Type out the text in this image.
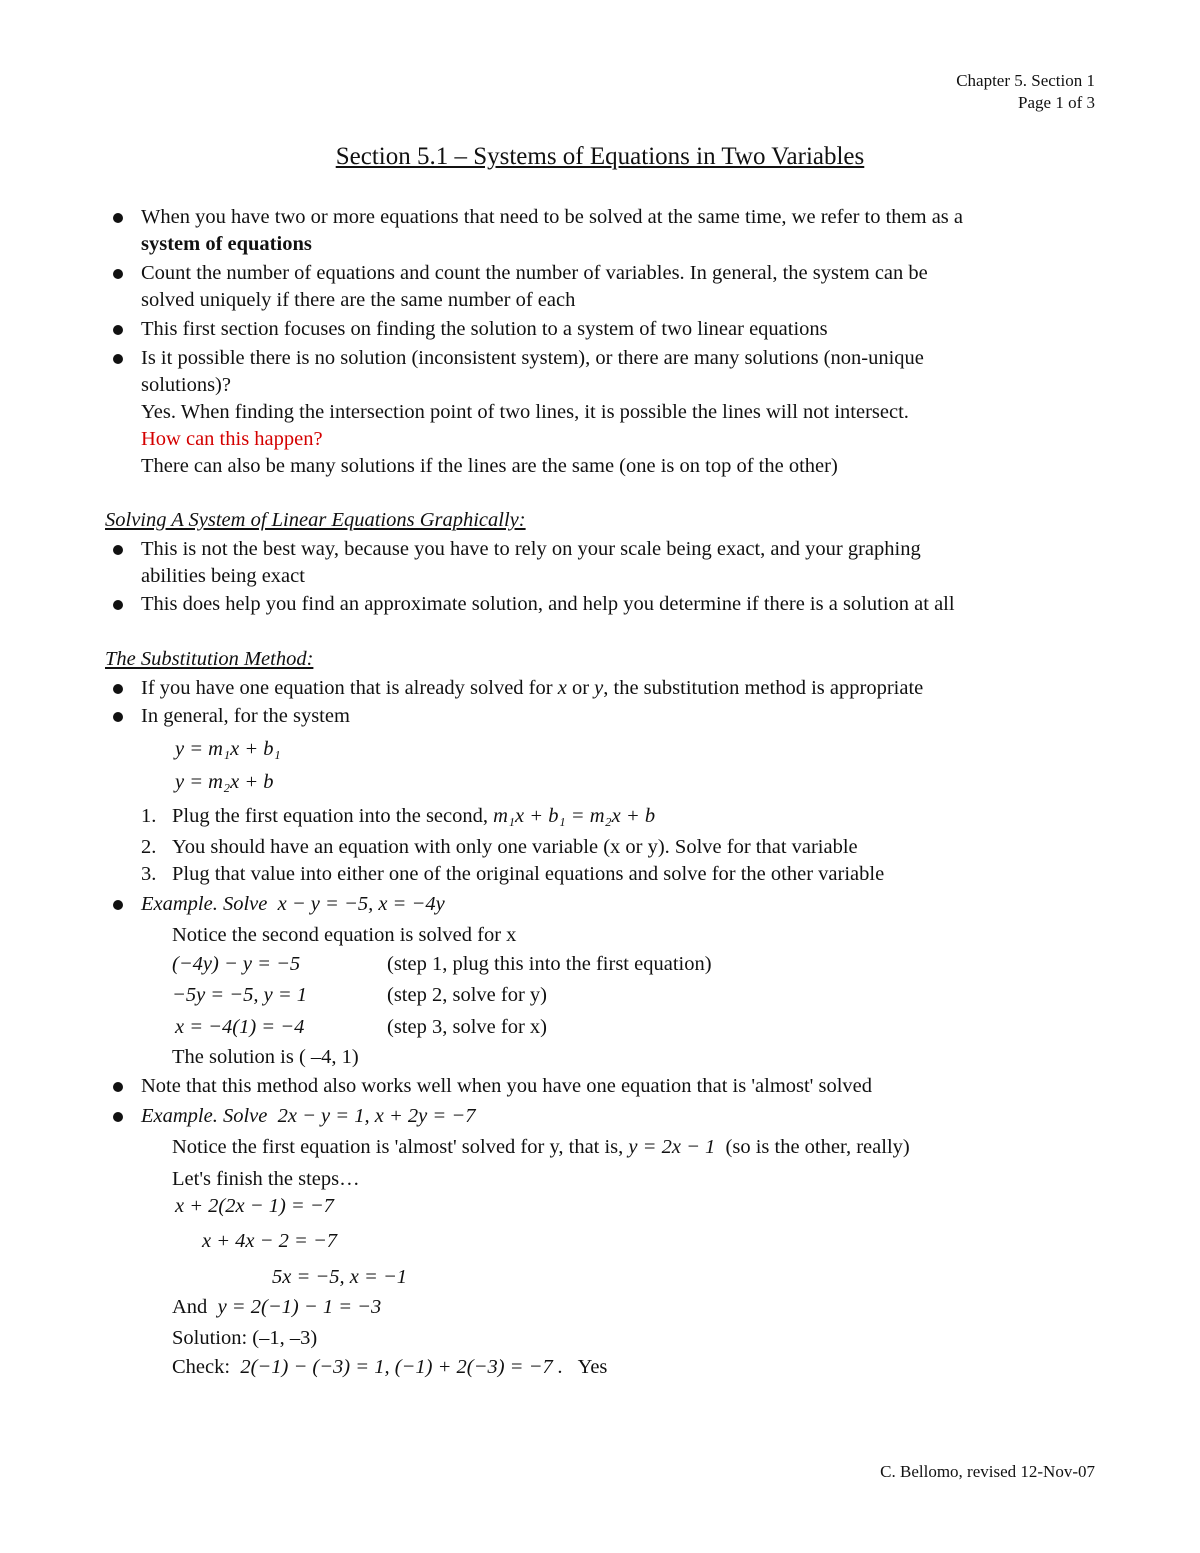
Chapter 5. Section 1
Page 1 of 3
Section 5.1 – Systems of Equations in Two Variables
When you have two or more equations that need to be solved at the same time, we refer to them as a
system of equations
Count the number of equations and count the number of variables. In general, the system can be
solved uniquely if there are the same number of each
This first section focuses on finding the solution to a system of two linear equations
Is it possible there is no solution (inconsistent system), or there are many solutions (non-unique
solutions)?
Yes. When finding the intersection point of two lines, it is possible the lines will not intersect.
How can this happen?
There can also be many solutions if the lines are the same (one is on top of the other)
Solving A System of Linear Equations Graphically:
This is not the best way, because you have to rely on your scale being exact, and your graphing
abilities being exact
This does help you find an approximate solution, and help you determine if there is a solution at all
The Substitution Method:
If you have one equation that is already solved for x or y, the substitution method is appropriate
In general, for the system
y = m₁x + b₁
y = m₂x + b
1. Plug the first equation into the second, m₁x + b₁ = m₂x + b
2. You should have an equation with only one variable (x or y). Solve for that variable
3. Plug that value into either one of the original equations and solve for the other variable
Example. Solve x − y = −5, x = −4y
Notice the second equation is solved for x
(−4y) − y = −5	(step 1, plug this into the first equation)
−5y = −5, y = 1	(step 2, solve for y)
x = −4(1) = −4	(step 3, solve for x)
The solution is ( –4, 1)
Note that this method also works well when you have one equation that is 'almost' solved
Example. Solve 2x − y = 1, x + 2y = −7
Notice the first equation is 'almost' solved for y, that is, y = 2x − 1 (so is the other, really)
Let's finish the steps…
x + 2(2x − 1) = −7
x + 4x − 2 = −7
5x = −5, x = −1
And y = 2(−1) − 1 = −3
Solution: (–1, –3)
Check: 2(−1) − (−3) = 1, (−1) + 2(−3) = −7 . Yes
C. Bellomo, revised 12-Nov-07
